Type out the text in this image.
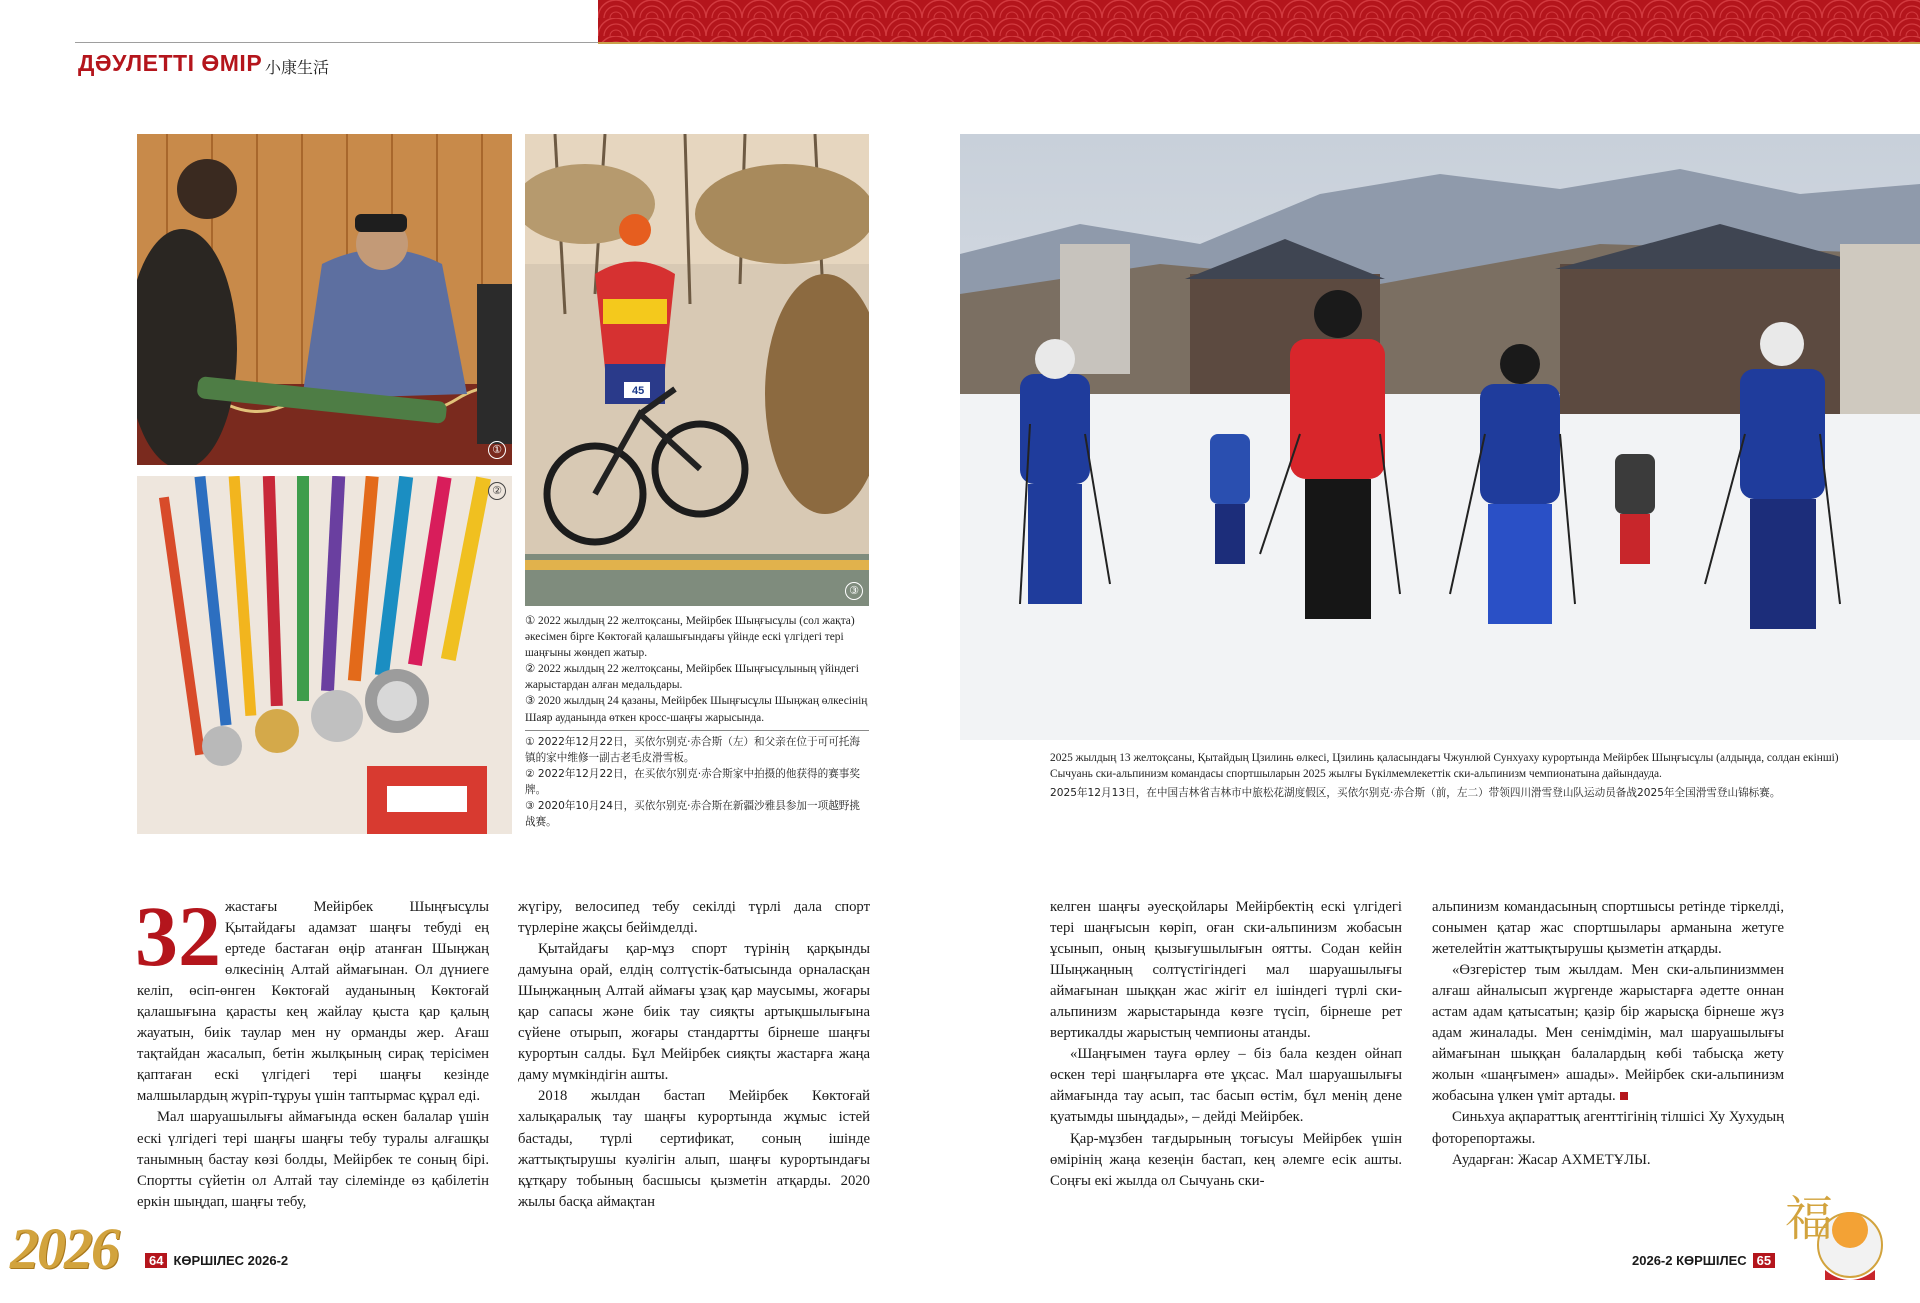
ДӘУЛЕТТІ ӨМІР 小康生活
①
②
45
③

① 2022 жылдың 22 желтоқсаны, Мейірбек Шыңғысұлы (сол жақта) әкесімен бірге Көктоғай қалашығындағы үйінде ескі үлгідегі тері шаңғыны жөндеп жатыр.

② 2022 жылдың 22 желтоқсаны, Мейірбек Шыңғысұлының үйіндегі жарыстардан алған медальдары.

③ 2020 жылдың 24 қазаны, Мейірбек Шыңғысұлы Шыңжаң өлкесінің Шаяр ауданында өткен кросс-шаңғы жарысында.

① 2022年12月22日，买依尔别克·赤合斯（左）和父亲在位于可可托海镇的家中维修一副古老毛皮滑雪板。

② 2022年12月22日，在买依尔别克·赤合斯家中拍摄的他获得的赛事奖牌。

③ 2020年10月24日，买依尔别克·赤合斯在新疆沙雅县参加一项越野挑战赛。

2025 жылдың 13 желтоқсаны, Қытайдың Цзилинь өлкесі, Цзилинь қаласындағы Чжунлюй Сунхуаху курортында Мейірбек Шыңғысұлы (алдыңда, солдан екінші) Сычуань ски-альпинизм командасы спортшыларын 2025 жылғы Бүкілмемлекеттік ски-альпинизм чемпионатына дайындауда.

2025年12月13日，在中国吉林省吉林市中旅松花湖度假区，买依尔别克·赤合斯（前，左二）带领四川滑雪登山队运动员备战2025年全国滑雪登山锦标赛。

32 жастағы Мейірбек Шыңғысұлы Қытайдағы адамзат шаңғы тебуді ең ертеде бастаған өңір атанған Шыңжаң өлкесінің Алтай аймағынан. Ол дүниеге келіп, өсіп-өнген Көктоғай ауданының Көктоғай қалашығына қарасты кең жайлау қыста қар қалың жауатын, биік таулар мен ну орманды жер. Ағаш тақтайдан жасалып, бетін жылқының сирақ терісімен қаптаған ескі үлгідегі тері шаңғы кезінде малшылардың жүріп-тұруы үшін таптырмас құрал еді.

Мал шаруашылығы аймағында өскен балалар үшін ескі үлгідегі тері шаңғы шаңғы тебу туралы алғашқы танымның бастау көзі болды, Мейірбек те соның бірі. Спортты сүйетін ол Алтай тау сілемінде өз қабілетін еркін шыңдап, шаңғы тебу,

жүгіру, велосипед тебу секілді түрлі дала спорт түрлеріне жақсы бейімделді.

Қытайдағы қар-мұз спорт түрінің қарқынды дамуына орай, елдің солтүстік-батысында орналасқан Шыңжаңның Алтай аймағы ұзақ қар маусымы, жоғары қар сапасы және биік тау сияқты артықшылығына сүйене отырып, жоғары стандартты бірнеше шаңғы курортын салды. Бұл Мейірбек сияқты жастарға жаңа даму мүмкіндігін ашты.

2018 жылдан бастап Мейірбек Көктоғай халықаралық тау шаңғы курортында жұмыс істей бастады, түрлі сертификат, соның ішінде жаттықтырушы куәлігін алып, шаңғы курортындағы құтқару тобының басшысы қызметін атқарды. 2020 жылы басқа аймақтан

келген шаңғы әуесқойлары Мейірбектің ескі үлгідегі тері шаңғысын көріп, оған ски-альпинизм жобасын ұсынып, оның қызығушылығын оятты. Содан кейін Шыңжаңның солтүстігіндегі мал шаруашылығы аймағынан шыққан жас жігіт ел ішіндегі түрлі ски-альпинизм жарыстарында көзге түсіп, бірнеше рет вертикалды жарыстың чемпионы атанды.

«Шаңғымен тауға өрлеу – біз бала кезден ойнап өскен тері шаңғыларға өте ұқсас. Мал шаруашылығы аймағында тау асып, тас басып өстім, бұл менің дене қуатымды шыңдады», – дейді Мейірбек.

Қар-мұзбен тағдырының тоғысуы Мейірбек үшін өмірінің жаңа кезеңін бастап, кең әлемге есік ашты. Соңғы екі жылда ол Сычуань ски-

альпинизм командасының спортшысы ретінде тіркелді, сонымен қатар жас спортшылары арманына жетуге жетелейтін жаттықтырушы қызметін атқарды.

«Өзгерістер тым жылдам. Мен ски-альпинизммен алғаш айналысып жүргенде жарыстарға әдетте оннан астам адам қатысатын; қазір бір жарысқа бірнеше жүз адам жиналады. Мен сенімдімін, мал шаруашылығы аймағынан шыққан балалардың көбі табысқа жету жолын «шаңғымен» ашады». Мейірбек ски-альпинизм жобасына үлкен үміт артады.

Синьхуа ақпараттық агенттігінің тілшісі Ху Хухудың фоторепортажы.

Аударған: Жасар АХМЕТҰЛЫ.

2026	64 КӨРШІЛЕС 2026-2	2026-2 КӨРШІЛЕС 65
福
